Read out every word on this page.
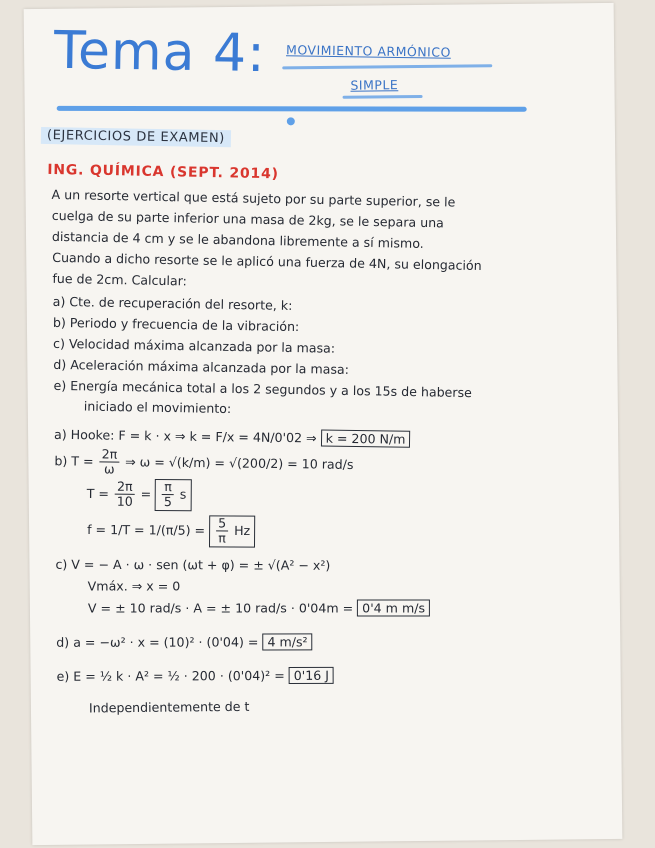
Tema 4: MOVIMIENTO ARMÓNICO
SIMPLE
(EJERCICIOS DE EXAMEN)
ING. QUÍMICA (SEPT. 2014)
A un resorte vertical que está sujeto por su parte superior, se le
cuelga de su parte inferior una masa de 2kg, se le separa una
distancia de 4 cm y se le abandona libremente a sí mismo.
Cuando a dicho resorte se le aplicó una fuerza de 4N, su elongación
fue de 2cm. Calcular:
a) Cte. de recuperación del resorte, k:
b) Periodo y frecuencia de la vibración:
c) Velocidad máxima alcanzada por la masa:
d) Aceleración máxima alcanzada por la masa:
e) Energía mecánica total a los 2 segundos y a los 15s de haberse
iniciado el movimiento:
a) Hooke: F = k · x ⇒ k = F/x = 4N/0'02 ⇒ k = 200 N/m
b) $T = \frac{2\pi}{\omega}$ ⇒ ω = √(k/m) = √(200/2) = 10 rad/s
$T = \frac{2\pi}{10} = \frac{\pi}{5}$ s
$f = 1/T = 1/(\pi/5) = \frac{5}{\pi}$ Hz
c) V = − A · ω · sen (ωt + φ) = ± √(A² − x²)
Vmáx. ⇒ x = 0
V = ± 10 rad/s · A = ± 10 rad/s · 0'04m = 0'4 m m/s
d) a = −ω² · x = (10)² · (0'04) = 4 m/s²
e) E = ½ k · A² = ½ · 200 · (0'04)² = 0'16 J
Independientemente de t
